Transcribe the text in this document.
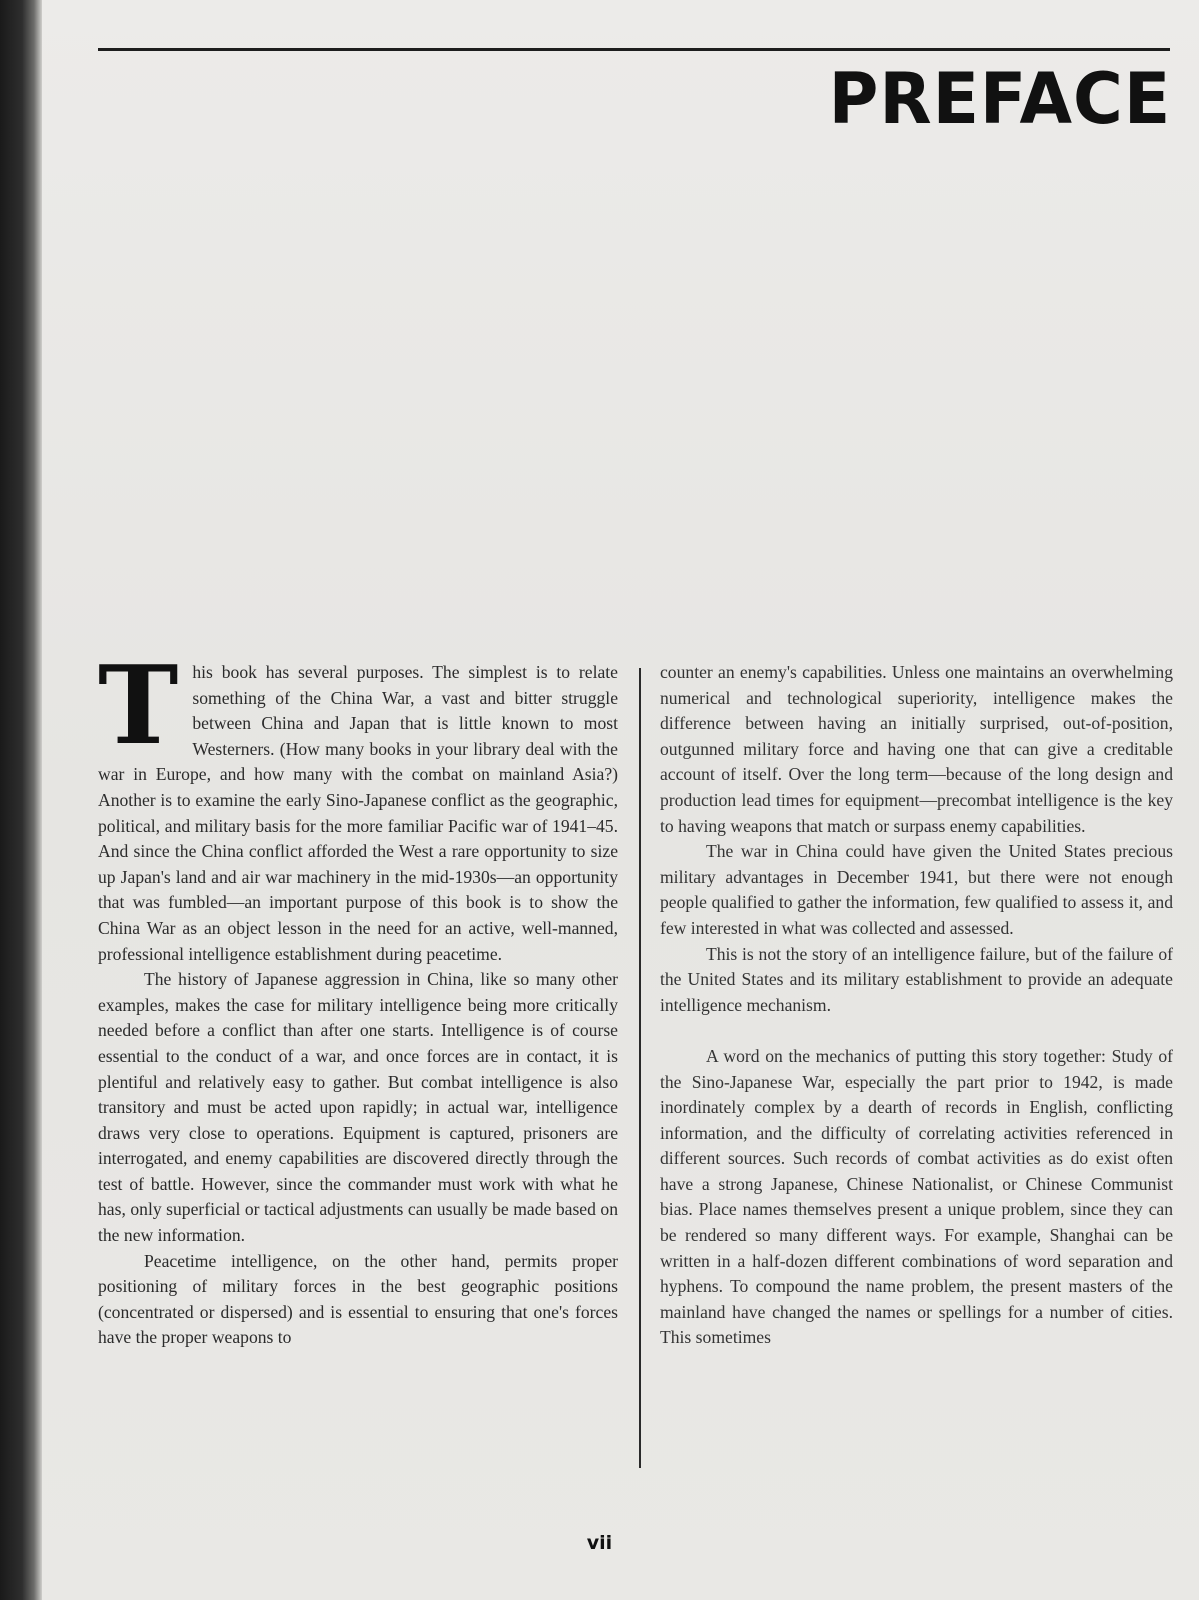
PREFACE

This book has several purposes. The simplest is to relate something of the China War, a vast and bitter struggle between China and Japan that is little known to most Westerners. (How many books in your library deal with the war in Europe, and how many with the combat on mainland Asia?) Another is to examine the early Sino-Japanese conflict as the geographic, political, and military basis for the more familiar Pacific war of 1941–45. And since the China conflict afforded the West a rare opportunity to size up Japan's land and air war machinery in the mid-1930s—an opportunity that was fumbled—an important purpose of this book is to show the China War as an object lesson in the need for an active, well-manned, professional intelligence establishment during peacetime.

The history of Japanese aggression in China, like so many other examples, makes the case for military intelligence being more critically needed before a conflict than after one starts. Intelligence is of course essential to the conduct of a war, and once forces are in contact, it is plentiful and relatively easy to gather. But combat intelligence is also transitory and must be acted upon rapidly; in actual war, intelligence draws very close to operations. Equipment is captured, prisoners are interrogated, and enemy capabilities are discovered directly through the test of battle. However, since the commander must work with what he has, only superficial or tactical adjustments can usually be made based on the new information.

Peacetime intelligence, on the other hand, permits proper positioning of military forces in the best geographic positions (concentrated or dispersed) and is essential to ensuring that one's forces have the proper weapons to

counter an enemy's capabilities. Unless one maintains an overwhelming numerical and technological superiority, intelligence makes the difference between having an initially surprised, out-of-position, outgunned military force and having one that can give a creditable account of itself. Over the long term—because of the long design and production lead times for equipment—precombat intelligence is the key to having weapons that match or surpass enemy capabilities.

The war in China could have given the United States precious military advantages in December 1941, but there were not enough people qualified to gather the information, few qualified to assess it, and few interested in what was collected and assessed.

This is not the story of an intelligence failure, but of the failure of the United States and its military establishment to provide an adequate intelligence mechanism.

A word on the mechanics of putting this story together: Study of the Sino-Japanese War, especially the part prior to 1942, is made inordinately complex by a dearth of records in English, conflicting information, and the difficulty of correlating activities referenced in different sources. Such records of combat activities as do exist often have a strong Japanese, Chinese Nationalist, or Chinese Communist bias. Place names themselves present a unique problem, since they can be rendered so many different ways. For example, Shanghai can be written in a half-dozen different combinations of word separation and hyphens. To compound the name problem, the present masters of the mainland have changed the names or spellings for a number of cities. This sometimes

vii
